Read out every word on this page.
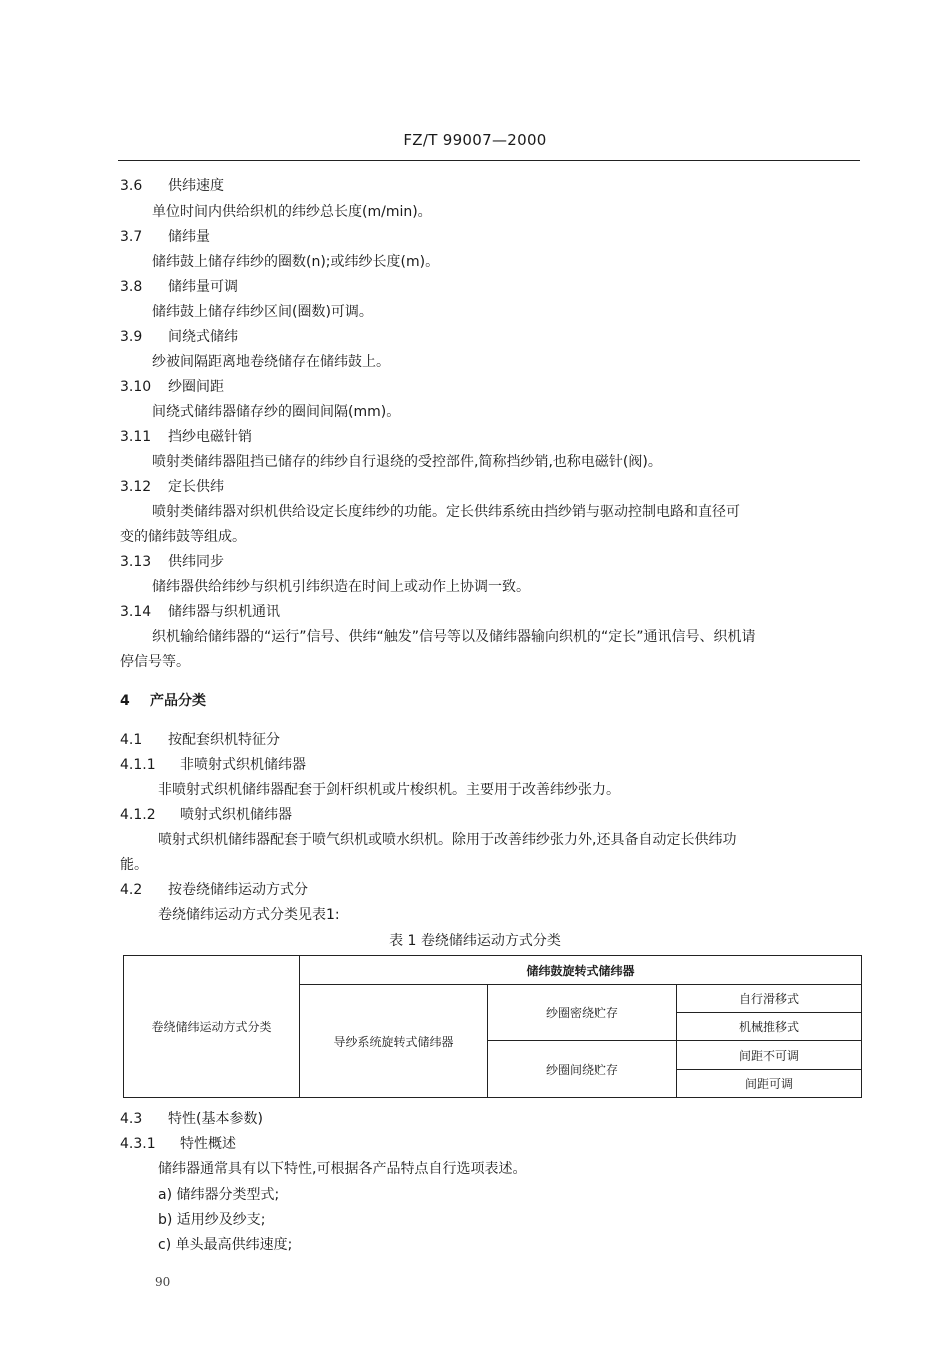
FZ/T 99007—2000
3.6 供纬速度
单位时间内供给织机的纬纱总长度(m/min)。
3.7 储纬量
储纬鼓上储存纬纱的圈数(n);或纬纱长度(m)。
3.8 储纬量可调
储纬鼓上储存纬纱区间(圈数)可调。
3.9 间绕式储纬
纱被间隔距离地卷绕储存在储纬鼓上。
3.10 纱圈间距
间绕式储纬器储存纱的圈间间隔(mm)。
3.11 挡纱电磁针销
喷射类储纬器阻挡已储存的纬纱自行退绕的受控部件,简称挡纱销,也称电磁针(阀)。
3.12 定长供纬
喷射类储纬器对织机供给设定长度纬纱的功能。定长供纬系统由挡纱销与驱动控制电路和直径可
变的储纬鼓等组成。
3.13 供纬同步
储纬器供给纬纱与织机引纬织造在时间上或动作上协调一致。
3.14 储纬器与织机通讯
织机输给储纬器的“运行”信号、供纬“触发”信号等以及储纬器输向织机的“定长”通讯信号、织机请
停信号等。
4 产品分类
4.1 按配套织机特征分
4.1.1 非喷射式织机储纬器
非喷射式织机储纬器配套于剑杆织机或片梭织机。主要用于改善纬纱张力。
4.1.2 喷射式织机储纬器
喷射式织机储纬器配套于喷气织机或喷水织机。除用于改善纬纱张力外,还具备自动定长供纬功
能。
4.2 按卷绕储纬运动方式分
卷绕储纬运动方式分类见表1:
表 1 卷绕储纬运动方式分类
卷绕储纬运动方式分类	储纬鼓旋转式储纬器		
	导纱系统旋转式储纬器	纱圈密绕贮存	自行滑移式
			机械推移式
		纱圈间绕贮存	间距不可调
			间距可调
4.3 特性(基本参数)
4.3.1 特性概述
储纬器通常具有以下特性,可根据各产品特点自行选项表述。
a) 储纬器分类型式;
b) 适用纱及纱支;
c) 单头最高供纬速度;
90
